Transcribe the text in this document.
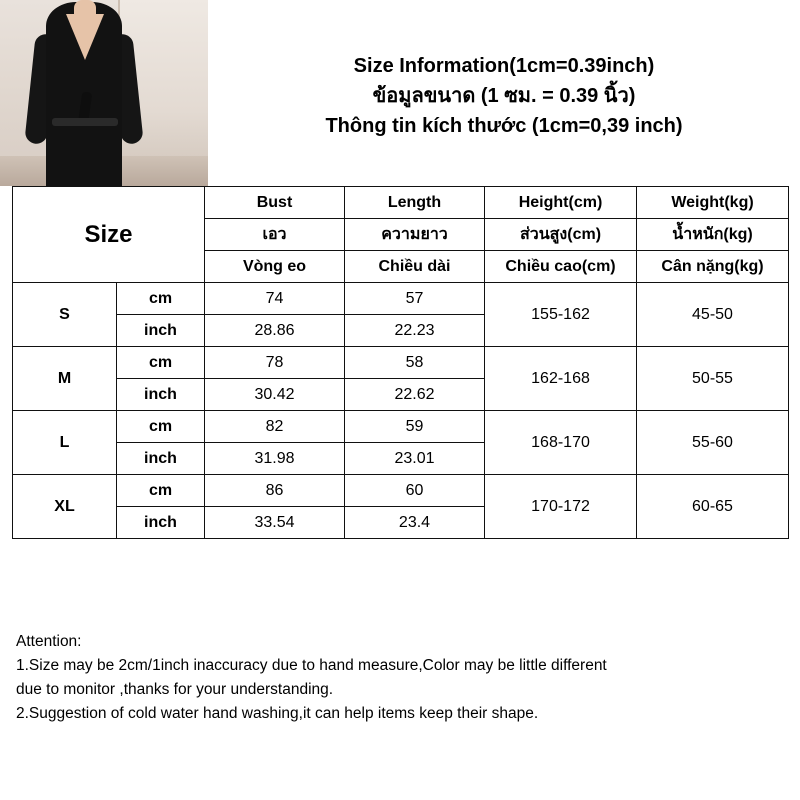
Size Information(1cm=0.39inch)
ข้อมูลขนาด (1 ซม. = 0.39 นิ้ว)
Thông tin kích thước (1cm=0,39 inch)
Size		Bust	Length	Height(cm)	Weight(kg)
		เอว	ความยาว	ส่วนสูง(cm)	น้ำหนัก(kg)
		Vòng eo	Chiều dài	Chiều cao(cm)	Cân nặng(kg)
S	cm	74	57	155-162	45-50
	inch	28.86	22.23		
M	cm	78	58	162-168	50-55
	inch	30.42	22.62		
L	cm	82	59	168-170	55-60
	inch	31.98	23.01		
XL	cm	86	60	170-172	60-65
	inch	33.54	23.4		

Attention:

1.Size may be 2cm/1inch inaccuracy due to hand measure,Color may be little different

due to monitor ,thanks for your understanding.

2.Suggestion of cold water hand washing,it can help items keep their shape.
